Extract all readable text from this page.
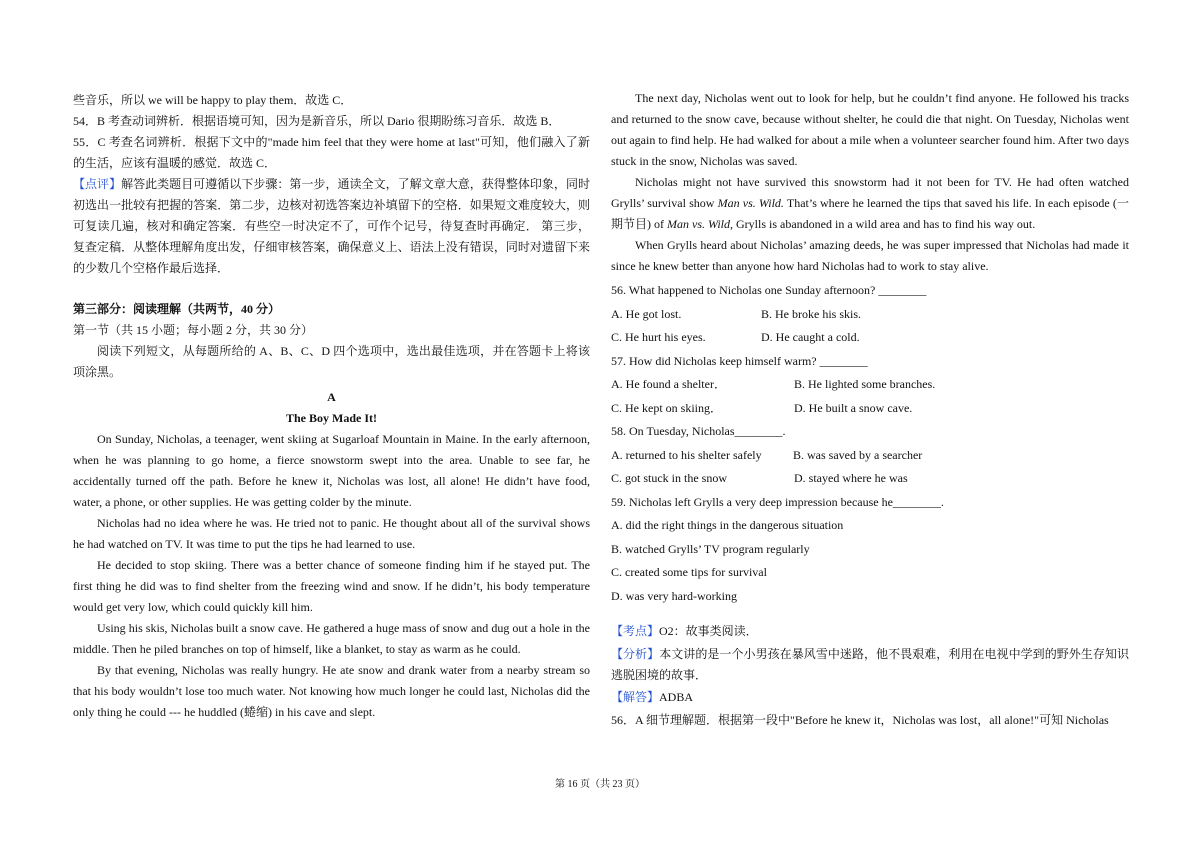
些音乐，所以 we will be happy to play them．故选 C．

54．B 考查动词辨析．根据语境可知，因为是新音乐，所以 Dario 很期盼练习音乐．故选 B．

55．C 考查名词辨析．根据下文中的"made him feel that they were home at last"可知，他们融入了新的生活，应该有温暖的感觉．故选 C．

【点评】解答此类题目可遵循以下步骤：第一步，通读全文，了解文章大意，获得整体印象，同时初选出一批较有把握的答案．第二步，边核对初选答案边补填留下的空格．如果短文难度较大，则可复读几遍，核对和确定答案．有些空一时决定不了，可作个记号，待复查时再确定． 第三步，复查定稿．从整体理解角度出发，仔细审核答案，确保意义上、语法上没有错误，同时对遗留下来的少数几个空格作最后选择．

第三部分：阅读理解（共两节，40 分）

第一节（共 15 小题；每小题 2 分，共 30 分）

阅读下列短文，从每题所给的 A、B、C、D 四个选项中，选出最佳选项，并在答题卡上将该项涂黑。

A

The Boy Made It!

On Sunday, Nicholas, a teenager, went skiing at Sugarloaf Mountain in Maine. In the early afternoon, when he was planning to go home, a fierce snowstorm swept into the area. Unable to see far, he accidentally turned off the path. Before he knew it, Nicholas was lost, all alone! He didn’t have food, water, a phone, or other supplies. He was getting colder by the minute.

Nicholas had no idea where he was. He tried not to panic. He thought about all of the survival shows he had watched on TV. It was time to put the tips he had learned to use.

He decided to stop skiing. There was a better chance of someone finding him if he stayed put. The first thing he did was to find shelter from the freezing wind and snow. If he didn’t, his body temperature would get very low, which could quickly kill him.

Using his skis, Nicholas built a snow cave. He gathered a huge mass of snow and dug out a hole in the middle. Then he piled branches on top of himself, like a blanket, to stay as warm as he could.

By that evening, Nicholas was really hungry. He ate snow and drank water from a nearby stream so that his body wouldn’t lose too much water. Not knowing how much longer he could last, Nicholas did the only thing he could --- he huddled (蜷缩) in his cave and slept.

The next day, Nicholas went out to look for help, but he couldn’t find anyone. He followed his tracks and returned to the snow cave, because without shelter, he could die that night. On Tuesday, Nicholas went out again to find help. He had walked for about a mile when a volunteer searcher found him. After two days stuck in the snow, Nicholas was saved.

Nicholas might not have survived this snowstorm had it not been for TV. He had often watched Grylls’ survival show Man vs. Wild. That’s where he learned the tips that saved his life. In each episode (一期节目) of Man vs. Wild, Grylls is abandoned in a wild area and has to find his way out.

When Grylls heard about Nicholas’ amazing deeds, he was super impressed that Nicholas had made it since he knew better than anyone how hard Nicholas had to work to stay alive.

56. What happened to Nicholas one Sunday afternoon? ________

A. He got lost.	B. He broke his skis.
C. He hurt his eyes.	D. He caught a cold.

57. How did Nicholas keep himself warm? ________

A. He found a shelter．	B. He lighted some branches.
C. He kept on skiing．	D. He built a snow cave.

58. On Tuesday, Nicholas________.

A. returned to his shelter safely	B. was saved by a searcher
C. got stuck in the snow	D. stayed where he was

59. Nicholas left Grylls a very deep impression because he________.

A. did the right things in the dangerous situation

B. watched Grylls’ TV program regularly

C. created some tips for survival

D. was very hard-working

【考点】O2：故事类阅读．

【分析】本文讲的是一个小男孩在暴风雪中迷路，他不畏艰难，利用在电视中学到的野外生存知识逃脱困境的故事．

【解答】ADBA

56．A 细节理解题．根据第一段中"Before he knew it，Nicholas was lost，all alone!"可知 Nicholas

第 16 页（共 23 页）
